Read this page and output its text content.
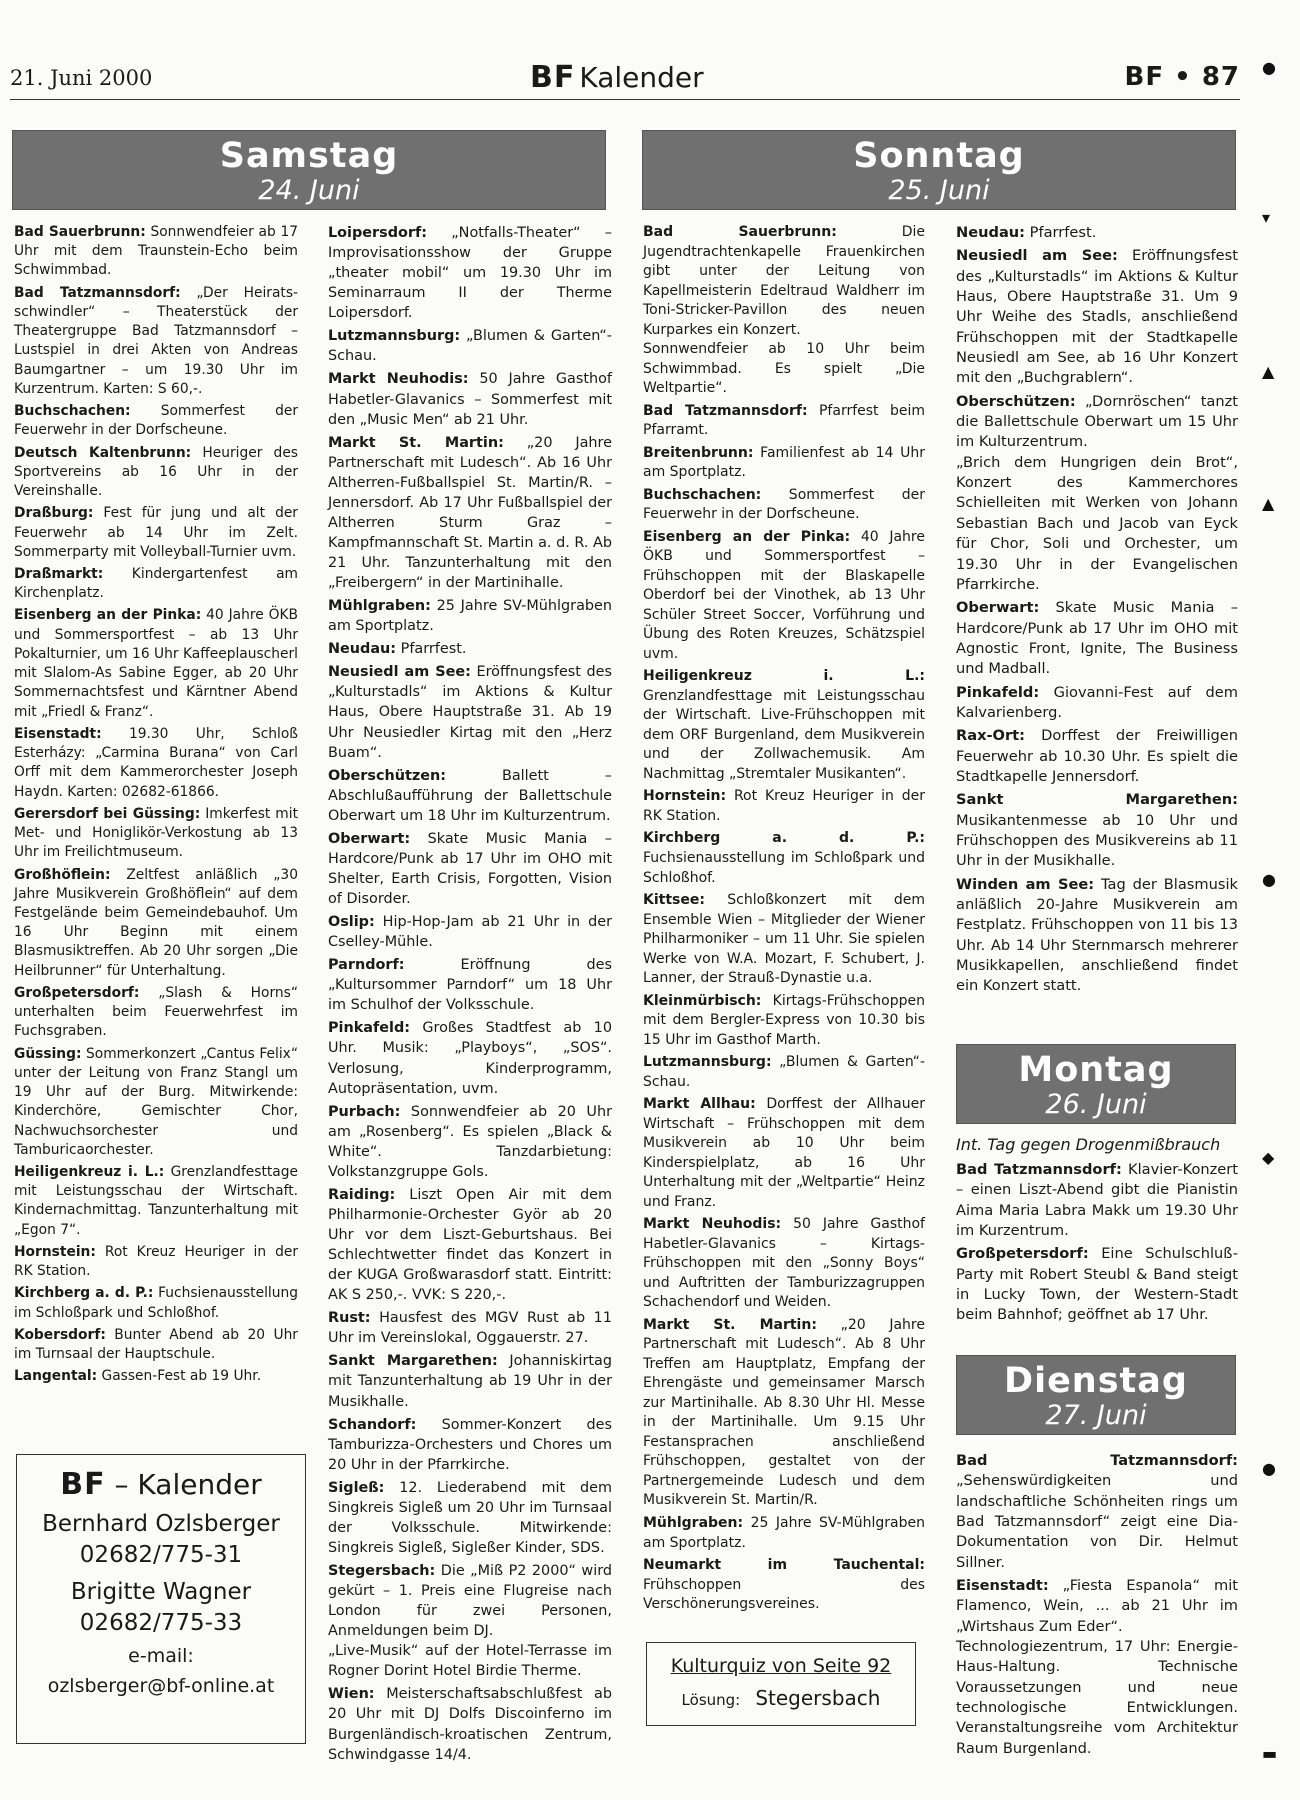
21. Juni 2000	BF Kalender	BF • 87
Samstag
24. Juni
Sonntag
25. Juni
Montag
26. Juni
Dienstag
27. Juni

Bad Sauerbrunn: Sonnwendfeier ab 17 Uhr mit dem Traunstein-Echo beim Schwimmbad.

Bad Tatzmannsdorf: „Der Heiratsschwindler“ – Theaterstück der Theatergruppe Bad Tatzmannsdorf – Lustspiel in drei Akten von Andreas Baumgartner – um 19.30 Uhr im Kurzentrum. Karten: S 60,-.

Buchschachen: Sommerfest der Feuerwehr in der Dorfscheune.

Deutsch Kaltenbrunn: Heuriger des Sportvereins ab 16 Uhr in der Vereinshalle.

Draßburg: Fest für jung und alt der Feuerwehr ab 14 Uhr im Zelt. Sommerparty mit Volleyball-Turnier uvm.

Draßmarkt: Kindergartenfest am Kirchenplatz.

Eisenberg an der Pinka: 40 Jahre ÖKB und Sommersportfest – ab 13 Uhr Pokalturnier, um 16 Uhr Kaffeeplauscherl mit Slalom-As Sabine Egger, ab 20 Uhr Sommernachtsfest und Kärntner Abend mit „Friedl & Franz“.

Eisenstadt: 19.30 Uhr, Schloß Esterházy: „Carmina Burana“ von Carl Orff mit dem Kammerorchester Joseph Haydn. Karten: 02682-61866.

Gerersdorf bei Güssing: Imkerfest mit Met- und Honiglikör-Verkostung ab 13 Uhr im Freilichtmuseum.

Großhöflein: Zeltfest anläßlich „30 Jahre Musikverein Großhöflein“ auf dem Festgelände beim Gemeindebauhof. Um 16 Uhr Beginn mit einem Blasmusiktreffen. Ab 20 Uhr sorgen „Die Heilbrunner“ für Unterhaltung.

Großpetersdorf: „Slash & Horns“ unterhalten beim Feuerwehrfest im Fuchsgraben.

Güssing: Sommerkonzert „Cantus Felix“ unter der Leitung von Franz Stangl um 19 Uhr auf der Burg. Mitwirkende: Kinderchöre, Gemischter Chor, Nachwuchsorchester und Tamburicaorchester.

Heiligenkreuz i. L.: Grenzlandfesttage mit Leistungsschau der Wirtschaft. Kindernachmittag. Tanzunterhaltung mit „Egon 7“.

Hornstein: Rot Kreuz Heuriger in der RK Station.

Kirchberg a. d. P.: Fuchsienausstellung im Schloßpark und Schloßhof.

Kobersdorf: Bunter Abend ab 20 Uhr im Turnsaal der Hauptschule.

Langental: Gassen-Fest ab 19 Uhr.

Loipersdorf: „Notfalls-Theater“ – Improvisationsshow der Gruppe „theater mobil“ um 19.30 Uhr im Seminarraum II der Therme Loipersdorf.

Lutzmannsburg: „Blumen & Garten“-Schau.

Markt Neuhodis: 50 Jahre Gasthof Habetler-Glavanics – Sommerfest mit den „Music Men“ ab 21 Uhr.

Markt St. Martin: „20 Jahre Partnerschaft mit Ludesch“. Ab 16 Uhr Altherren-Fußballspiel St. Martin/R. – Jennersdorf. Ab 17 Uhr Fußballspiel der Altherren Sturm Graz – Kampfmannschaft St. Martin a. d. R. Ab 21 Uhr. Tanzunterhaltung mit den „Freibergern“ in der Martinihalle.

Mühlgraben: 25 Jahre SV-Mühlgraben am Sportplatz.

Neudau: Pfarrfest.

Neusiedl am See: Eröffnungsfest des „Kulturstadls“ im Aktions & Kultur Haus, Obere Hauptstraße 31. Ab 19 Uhr Neusiedler Kirtag mit den „Herz Buam“.

Oberschützen: Ballett – Abschlußaufführung der Ballettschule Oberwart um 18 Uhr im Kulturzentrum.

Oberwart: Skate Music Mania – Hardcore/Punk ab 17 Uhr im OHO mit Shelter, Earth Crisis, Forgotten, Vision of Disorder.

Oslip: Hip-Hop-Jam ab 21 Uhr in der Cselley-Mühle.

Parndorf: Eröffnung des „Kultursommer Parndorf“ um 18 Uhr im Schulhof der Volksschule.

Pinkafeld: Großes Stadtfest ab 10 Uhr. Musik: „Playboys“, „SOS“. Verlosung, Kinderprogramm, Autopräsentation, uvm.

Purbach: Sonnwendfeier ab 20 Uhr am „Rosenberg“. Es spielen „Black & White“. Tanzdarbietung: Volkstanzgruppe Gols.

Raiding: Liszt Open Air mit dem Philharmonie-Orchester Györ ab 20 Uhr vor dem Liszt-Geburtshaus. Bei Schlechtwetter findet das Konzert in der KUGA Großwarasdorf statt. Eintritt: AK S 250,-. VVK: S 220,-.

Rust: Hausfest des MGV Rust ab 11 Uhr im Vereinslokal, Oggauerstr. 27.

Sankt Margarethen: Johanniskirtag mit Tanzunterhaltung ab 19 Uhr in der Musikhalle.

Schandorf: Sommer-Konzert des Tamburizza-Orchesters und Chores um 20 Uhr in der Pfarrkirche.

Sigleß: 12. Liederabend mit dem Singkreis Sigleß um 20 Uhr im Turnsaal der Volksschule. Mitwirkende: Singkreis Sigleß, Sigleßer Kinder, SDS.

Stegersbach: Die „Miß P2 2000“ wird gekürt – 1. Preis eine Flugreise nach London für zwei Personen, Anmeldungen beim DJ.

„Live-Musik“ auf der Hotel-Terrasse im Rogner Dorint Hotel Birdie Therme.

Wien: Meisterschaftsabschlußfest ab 20 Uhr mit DJ Dolfs Discoinferno im Burgenländisch-kroatischen Zentrum, Schwindgasse 14/4.

Bad Sauerbrunn: Die Jugendtrachtenkapelle Frauenkirchen gibt unter der Leitung von Kapellmeisterin Edeltraud Waldherr im Toni-Stricker-Pavillon des neuen Kurparkes ein Konzert.

Sonnwendfeier ab 10 Uhr beim Schwimmbad. Es spielt „Die Weltpartie“.

Bad Tatzmannsdorf: Pfarrfest beim Pfarramt.

Breitenbrunn: Familienfest ab 14 Uhr am Sportplatz.

Buchschachen: Sommerfest der Feuerwehr in der Dorfscheune.

Eisenberg an der Pinka: 40 Jahre ÖKB und Sommersportfest – Frühschoppen mit der Blaskapelle Oberdorf bei der Vinothek, ab 13 Uhr Schüler Street Soccer, Vorführung und Übung des Roten Kreuzes, Schätzspiel uvm.

Heiligenkreuz i. L.: Grenzlandfesttage mit Leistungsschau der Wirtschaft. Live-Frühschoppen mit dem ORF Burgenland, dem Musikverein und der Zollwachemusik. Am Nachmittag „Stremtaler Musikanten“.

Hornstein: Rot Kreuz Heuriger in der RK Station.

Kirchberg a. d. P.: Fuchsienausstellung im Schloßpark und Schloßhof.

Kittsee: Schloßkonzert mit dem Ensemble Wien – Mitglieder der Wiener Philharmoniker – um 11 Uhr. Sie spielen Werke von W.A. Mozart, F. Schubert, J. Lanner, der Strauß-Dynastie u.a.

Kleinmürbisch: Kirtags-Frühschoppen mit dem Bergler-Express von 10.30 bis 15 Uhr im Gasthof Marth.

Lutzmannsburg: „Blumen & Garten“-Schau.

Markt Allhau: Dorffest der Allhauer Wirtschaft – Frühschoppen mit dem Musikverein ab 10 Uhr beim Kinderspielplatz, ab 16 Uhr Unterhaltung mit der „Weltpartie“ Heinz und Franz.

Markt Neuhodis: 50 Jahre Gasthof Habetler-Glavanics – Kirtags-Frühschoppen mit den „Sonny Boys“ und Auftritten der Tamburizzagruppen Schachendorf und Weiden.

Markt St. Martin: „20 Jahre Partnerschaft mit Ludesch“. Ab 8 Uhr Treffen am Hauptplatz, Empfang der Ehrengäste und gemeinsamer Marsch zur Martinihalle. Ab 8.30 Uhr Hl. Messe in der Martinihalle. Um 9.15 Uhr Festansprachen anschließend Frühschoppen, gestaltet von der Partnergemeinde Ludesch und dem Musikverein St. Martin/R.

Mühlgraben: 25 Jahre SV-Mühlgraben am Sportplatz.

Neumarkt im Tauchental: Frühschoppen des Verschönerungsvereines.

Neudau: Pfarrfest.

Neusiedl am See: Eröffnungsfest des „Kulturstadls“ im Aktions & Kultur Haus, Obere Hauptstraße 31. Um 9 Uhr Weihe des Stadls, anschließend Frühschoppen mit der Stadtkapelle Neusiedl am See, ab 16 Uhr Konzert mit den „Buchgrablern“.

Oberschützen: „Dornröschen“ tanzt die Ballettschule Oberwart um 15 Uhr im Kulturzentrum.

„Brich dem Hungrigen dein Brot“, Konzert des Kammerchores Schielleiten mit Werken von Johann Sebastian Bach und Jacob van Eyck für Chor, Soli und Orchester, um 19.30 Uhr in der Evangelischen Pfarrkirche.

Oberwart: Skate Music Mania – Hardcore/Punk ab 17 Uhr im OHO mit Agnostic Front, Ignite, The Business und Madball.

Pinkafeld: Giovanni-Fest auf dem Kalvarienberg.

Rax-Ort: Dorffest der Freiwilligen Feuerwehr ab 10.30 Uhr. Es spielt die Stadtkapelle Jennersdorf.

Sankt Margarethen: Musikantenmesse ab 10 Uhr und Frühschoppen des Musikvereins ab 11 Uhr in der Musikhalle.

Winden am See: Tag der Blasmusik anläßlich 20-Jahre Musikverein am Festplatz. Frühschoppen von 11 bis 13 Uhr. Ab 14 Uhr Sternmarsch mehrerer Musikkapellen, anschließend findet ein Konzert statt.

Int. Tag gegen Drogenmißbrauch

Bad Tatzmannsdorf: Klavier-Konzert – einen Liszt-Abend gibt die Pianistin Aima Maria Labra Makk um 19.30 Uhr im Kurzentrum.

Großpetersdorf: Eine Schulschluß-Party mit Robert Steubl & Band steigt in Lucky Town, der Western-Stadt beim Bahnhof; geöffnet ab 17 Uhr.

Bad Tatzmannsdorf: „Sehenswürdigkeiten und landschaftliche Schönheiten rings um Bad Tatzmannsdorf“ zeigt eine Dia-Dokumentation von Dir. Helmut Sillner.

Eisenstadt: „Fiesta Espanola“ mit Flamenco, Wein, ... ab 21 Uhr im „Wirtshaus Zum Eder“.

Technologiezentrum, 17 Uhr: Energie-Haus-Haltung. Technische Voraussetzungen und neue technologische Entwicklungen. Veranstaltungsreihe vom Architektur Raum Burgenland.

BF – Kalender
Bernhard Ozlsberger
02682/775-31
Brigitte Wagner
02682/775-33
e-mail:
ozlsberger@bf-online.at
Kulturquiz von Seite 92
Lösung: Stegersbach
●
▾
▲
▲
●
◆
●
▬
